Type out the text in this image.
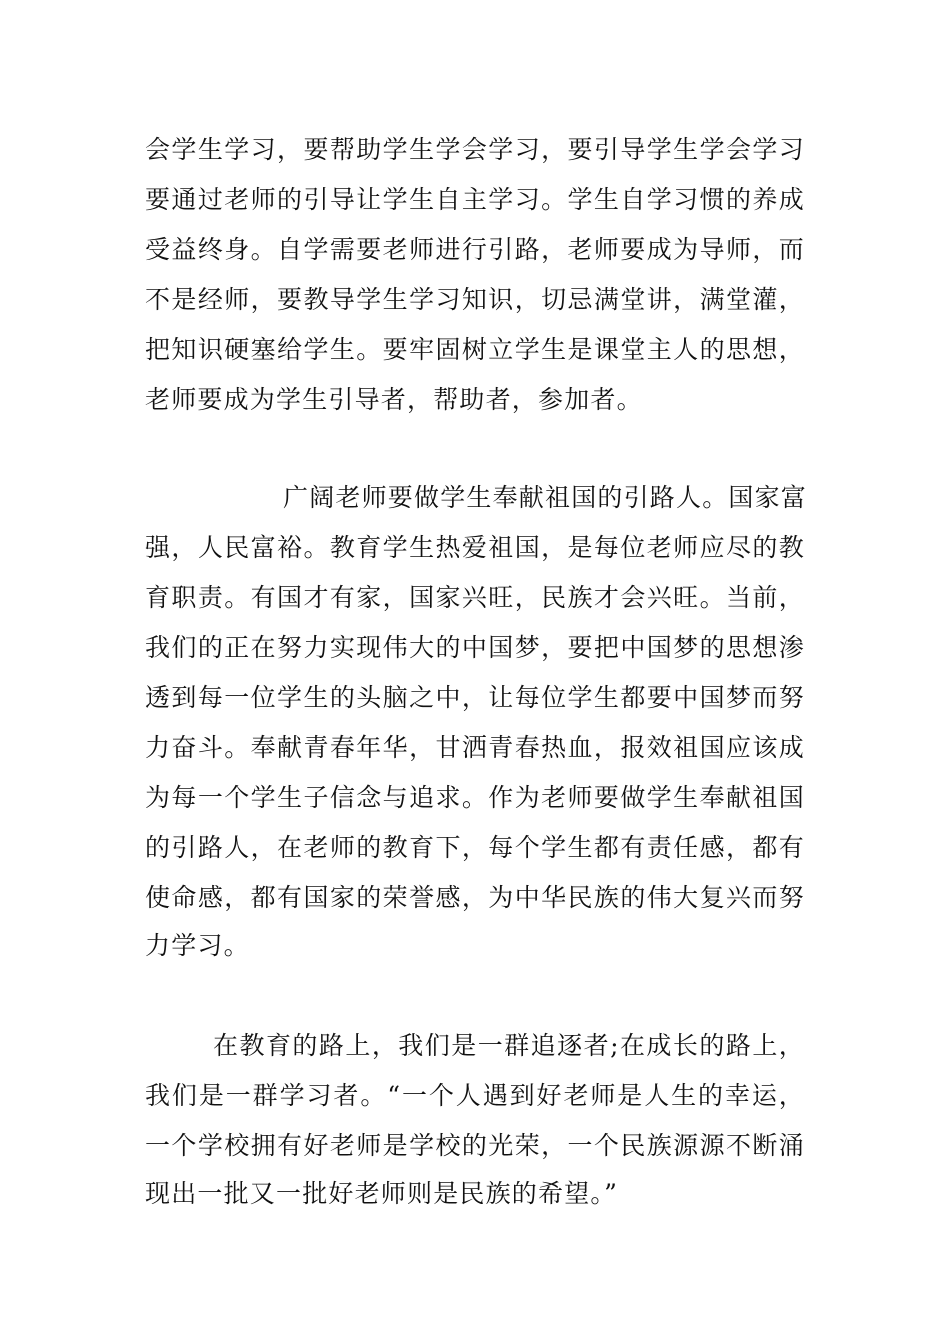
会学生学习，要帮助学生学会学习，要引导学生学会学习
要通过老师的引导让学生自主学习。学生自学习惯的养成
受益终身。自学需要老师进行引路，老师要成为导师，而
不是经师，要教导学生学习知识，切忌满堂讲，满堂灌，
把知识硬塞给学生。要牢固树立学生是课堂主人的思想，
老师要成为学生引导者，帮助者，参加者。
广阔老师要做学生奉献祖国的引路人。国家富
强，人民富裕。教育学生热爱祖国，是每位老师应尽的教
育职责。有国才有家，国家兴旺，民族才会兴旺。当前，
我们的正在努力实现伟大的中国梦，要把中国梦的思想渗
透到每一位学生的头脑之中，让每位学生都要中国梦而努
力奋斗。奉献青春年华，甘洒青春热血，报效祖国应该成
为每一个学生子信念与追求。作为老师要做学生奉献祖国
的引路人，在老师的教育下，每个学生都有责任感，都有
使命感，都有国家的荣誉感，为中华民族的伟大复兴而努
力学习。
在教育的路上，我们是一群追逐者;在成长的路上，
我们是一群学习者。“一个人遇到好老师是人生的幸运，
一个学校拥有好老师是学校的光荣，一个民族源源不断涌
现出一批又一批好老师则是民族的希望。”
